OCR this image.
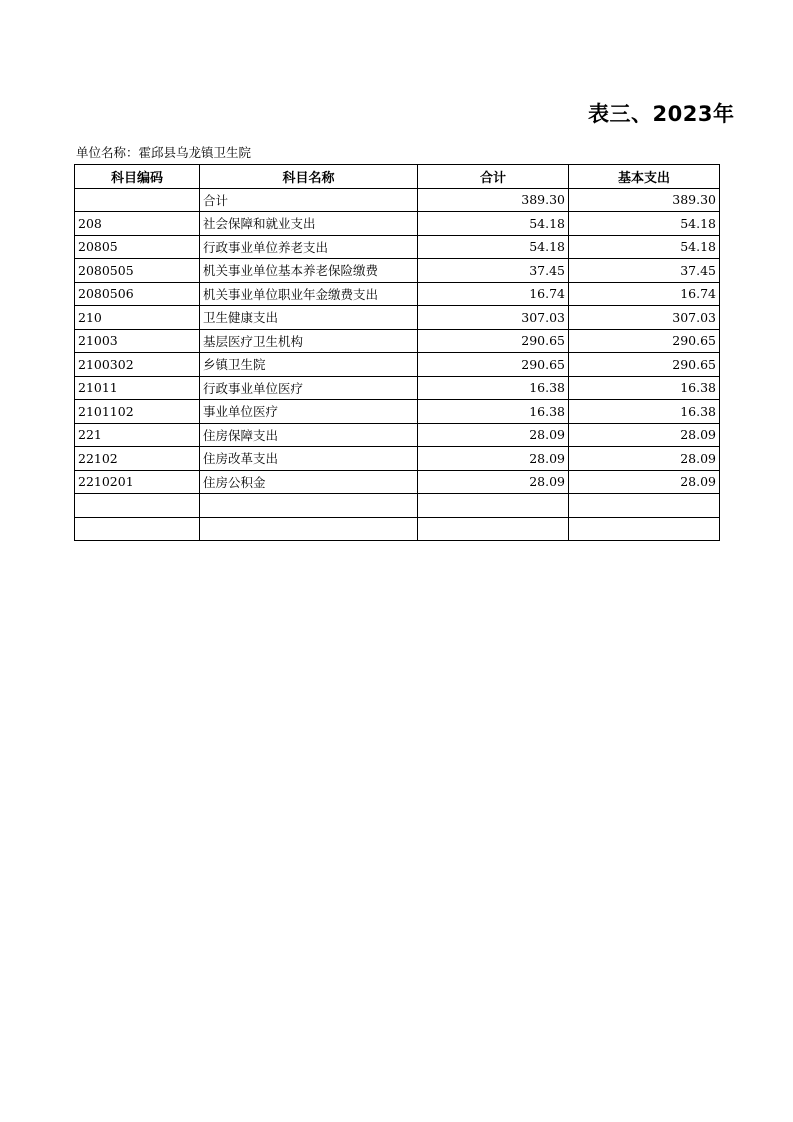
表三、2023年
单位名称：霍邱县乌龙镇卫生院
科目编码	科目名称	合计	基本支出
	合计	389.30	389.30
208	社会保障和就业支出	54.18	54.18
20805	行政事业单位养老支出	54.18	54.18
2080505	机关事业单位基本养老保险缴费	37.45	37.45
2080506	机关事业单位职业年金缴费支出	16.74	16.74
210	卫生健康支出	307.03	307.03
21003	基层医疗卫生机构	290.65	290.65
2100302	乡镇卫生院	290.65	290.65
21011	行政事业单位医疗	16.38	16.38
2101102	事业单位医疗	16.38	16.38
221	住房保障支出	28.09	28.09
22102	住房改革支出	28.09	28.09
2210201	住房公积金	28.09	28.09
